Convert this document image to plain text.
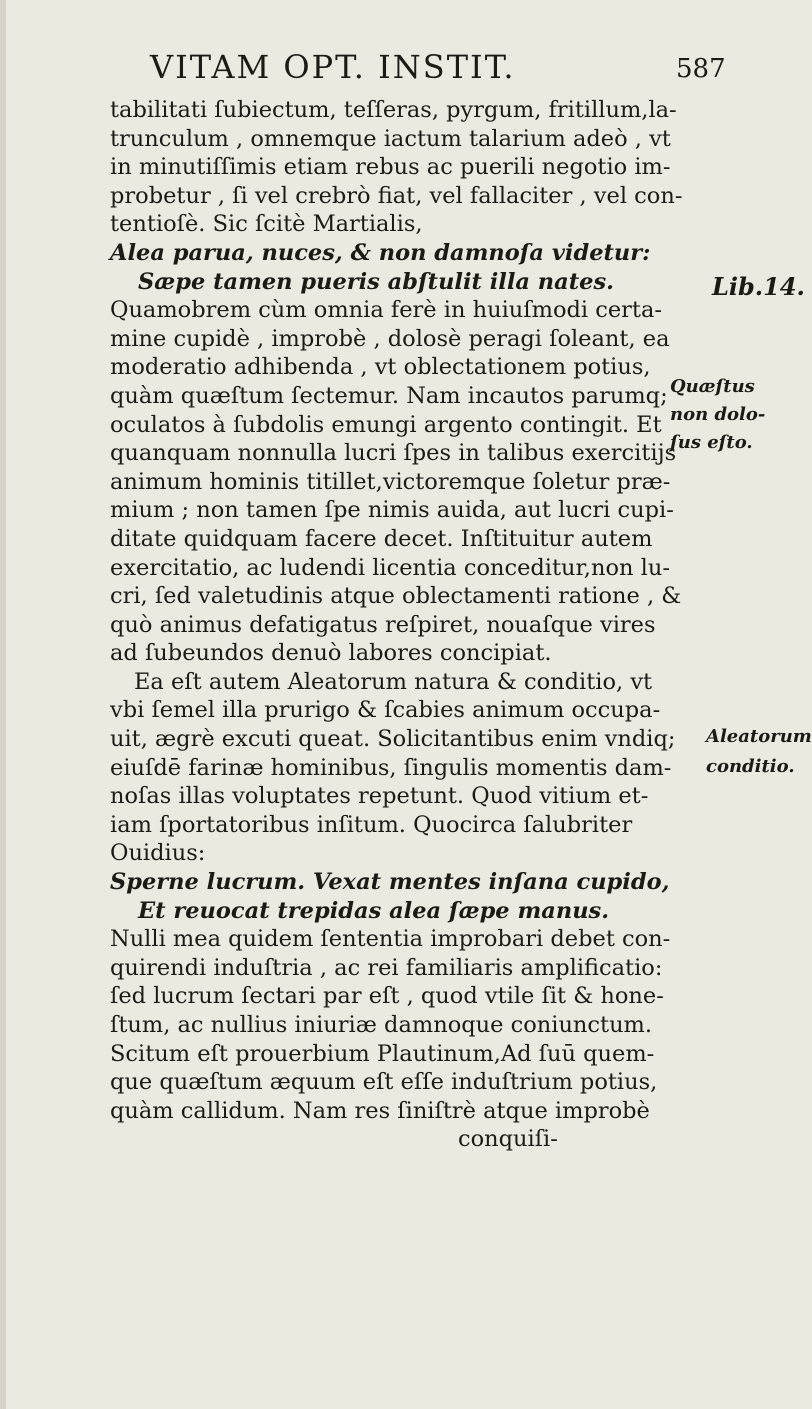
VITAM OPT. INSTIT.	587
tabilitati ſubiectum, teſſeras, pyrgum, fritillum,la-
trunculum , omnemque iactum talarium adeò , vt
in minutiſſimis etiam rebus ac puerili negotio im-
probetur , ſi vel crebrò fiat, vel fallaciter , vel con-
tentioſè. Sic ſcitè Martialis,
Alea parua, nuces, & non damnoſa videtur:
Sæpe tamen pueris abſtulit illa nates.
Quamobrem cùm omnia ferè in huiuſmodi certa-
mine cupidè , improbè , dolosè peragi ſoleant, ea
moderatio adhibenda , vt oblectationem potius,
quàm quæſtum ſectemur. Nam incautos parumq;
oculatos à ſubdolis emungi argento contingit. Et
quanquam nonnulla lucri ſpes in talibus exercitijs
animum hominis titillet,victoremque ſoletur præ-
mium ; non tamen ſpe nimis auida, aut lucri cupi-
ditate quidquam facere decet. Inſtituitur autem
exercitatio, ac ludendi licentia conceditur,non lu-
cri, ſed valetudinis atque oblectamenti ratione , &
quò animus defatigatus reſpiret, nouaſque vires
ad ſubeundos denuò labores concipiat.
Ea eſt autem Aleatorum natura & conditio, vt
vbi ſemel illa prurigo & ſcabies animum occupa-
uit, ægrè excuti queat. Solicitantibus enim vndiq;
eiuſdē farinæ hominibus, ſingulis momentis dam-
noſas illas voluptates repetunt. Quod vitium et-
iam ſportatoribus inſitum. Quocirca ſalubriter
Ouidius:
Sperne lucrum. Vexat mentes inſana cupido,
Et reuocat trepidas alea ſæpe manus.
Nulli mea quidem ſententia improbari debet con-
quirendi induſtria , ac rei familiaris amplificatio:
ſed lucrum ſectari par eſt , quod vtile ſit & hone-
ſtum, ac nullius iniuriæ damnoque coniunctum.
Scitum eſt prouerbium Plautinum,Ad ſuū quem-
que quæſtum æquum eſt eſſe induſtrium potius,
quàm callidum. Nam res ſiniſtrè atque improbè
conquiſi-
Lib.14.
Quæſtus
non dolo-
ſus eſto.
Aleatorum
conditio.
